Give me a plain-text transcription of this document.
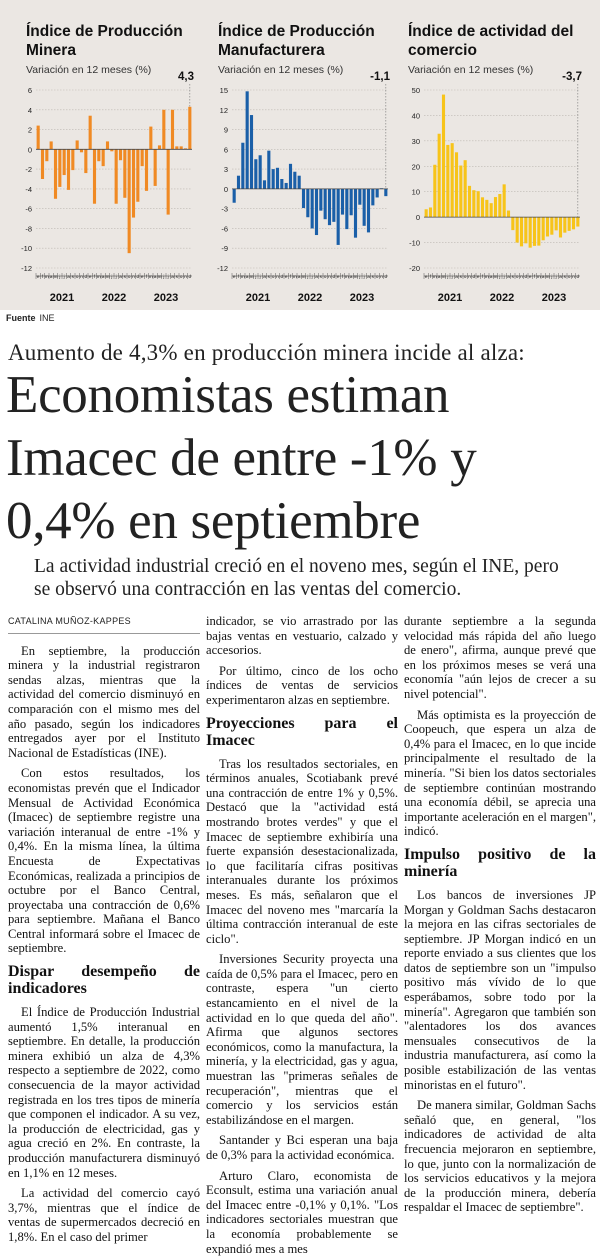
Índice de Producción Minera
Variación en 12 meses (%)
6
4
2
0
-2
-4
-6
-8
-10
-12
4,3
e f m a m j j a s o n d e f m a m j j a s o n d e f m a m j j a s o n d
2021	2022	2023
Índice de Producción Manufacturera
Variación en 12 meses (%)
15
12
9
6
3
0
-3
-6
-9
-12
-1,1
e f m a m j j a s o n d e f m a m j j a s o n d e f m a m j j a s o n d
2021	2022	2023
Índice de actividad del comercio
Variación en 12 meses (%)
50
40
30
20
10
0
-10
-20
-3,7
e f m a m j j a s o n d e f m a m j j a s o n d e f m a m j j a s o n d
2021	2022	2023
Fuente INE
Aumento de 4,3% en producción minera incide al alza:
Economistas estiman Imacec de entre -1% y 0,4% en septiembre
La actividad industrial creció en el noveno mes, según el INE, pero se observó una contracción en las ventas del comercio.
CATALINA MUÑOZ-KAPPES

En septiembre, la producción minera y la industrial registraron sendas alzas, mientras que la actividad del comercio disminuyó en comparación con el mismo mes del año pasado, según los indicadores entregados ayer por el Instituto Nacional de Estadísticas (INE).

Con estos resultados, los economistas prevén que el Indicador Mensual de Actividad Económica (Imacec) de septiembre registre una variación interanual de entre -1% y 0,4%. En la misma línea, la última Encuesta de Expectativas Económicas, realizada a principios de octubre por el Banco Central, proyectaba una contracción de 0,6% para septiembre. Mañana el Banco Central informará sobre el Imacec de septiembre.

Dispar desempeño de indicadores

El Índice de Producción Industrial aumentó 1,5% interanual en septiembre. En detalle, la producción minera exhibió un alza de 4,3% respecto a septiembre de 2022, como consecuencia de la mayor actividad registrada en los tres tipos de minería que componen el indicador. A su vez, la producción de electricidad, gas y agua creció en 2%. En contraste, la producción manufacturera disminuyó en 1,1% en 12 meses.

La actividad del comercio cayó 3,7%, mientras que el índice de ventas de supermercados decreció en 1,8%. En el caso del primer

indicador, se vio arrastrado por las bajas ventas en vestuario, calzado y accesorios.

Por último, cinco de los ocho índices de ventas de servicios experimentaron alzas en septiembre.

Proyecciones para el Imacec

Tras los resultados sectoriales, en términos anuales, Scotiabank prevé una contracción de entre 1% y 0,5%. Destacó que la "actividad está mostrando brotes verdes" y que el Imacec de septiembre exhibiría una fuerte expansión desestacionalizada, lo que facilitaría cifras positivas interanuales durante los próximos meses. Es más, señalaron que el Imacec del noveno mes "marcaría la última contracción interanual de este ciclo".

Inversiones Security proyecta una caída de 0,5% para el Imacec, pero en contraste, espera "un cierto estancamiento en el nivel de la actividad en lo que queda del año". Afirma que algunos sectores económicos, como la manufactura, la minería, y la electricidad, gas y agua, muestran las "primeras señales de recuperación", mientras que el comercio y los servicios están estabilizándose en el margen.

Santander y Bci esperan una baja de 0,3% para la actividad económica.

Arturo Claro, economista de Econsult, estima una variación anual del Imacec entre -0,1% y 0,1%. "Los indicadores sectoriales muestran que la economía probablemente se expandió mes a mes

durante septiembre a la segunda velocidad más rápida del año luego de enero", afirma, aunque prevé que en los próximos meses se verá una economía "aún lejos de crecer a su nivel potencial".

Más optimista es la proyección de Coopeuch, que espera un alza de 0,4% para el Imacec, en lo que incide principalmente el resultado de la minería. "Si bien los datos sectoriales de septiembre continúan mostrando una economía débil, se aprecia una importante aceleración en el margen", indicó.

Impulso positivo de la minería

Los bancos de inversiones JP Morgan y Goldman Sachs destacaron la mejora en las cifras sectoriales de septiembre. JP Morgan indicó en un reporte enviado a sus clientes que los datos de septiembre son un "impulso positivo más vívido de lo que esperábamos, sobre todo por la minería". Agregaron que también son "alentadores los dos avances mensuales consecutivos de la industria manufacturera, así como la posible estabilización de las ventas minoristas en el futuro".

De manera similar, Goldman Sachs señaló que, en general, "los indicadores de actividad de alta frecuencia mejoraron en septiembre, lo que, junto con la normalización de los servicios educativos y la mejora de la producción minera, debería respaldar el Imacec de septiembre".
